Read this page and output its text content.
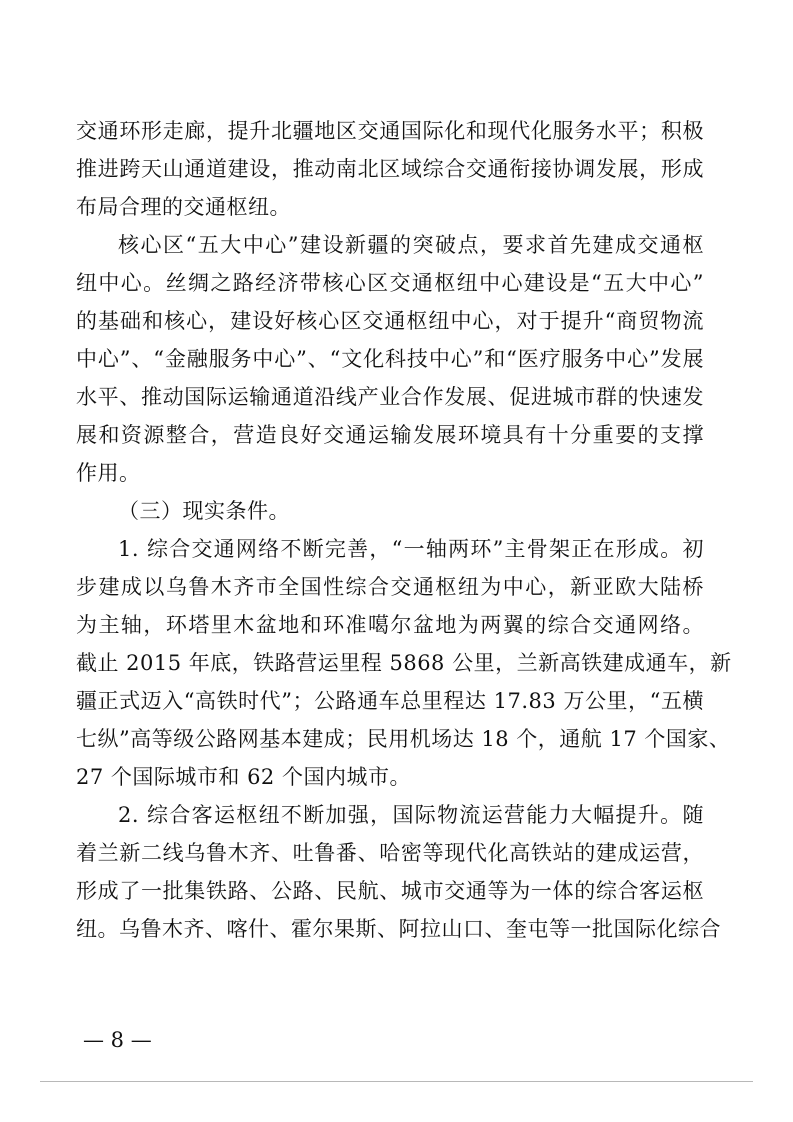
交通环形走廊，提升北疆地区交通国际化和现代化服务水平；积极
推进跨天山通道建设，推动南北区域综合交通衔接协调发展，形成
布局合理的交通枢纽。
核心区“五大中心”建设新疆的突破点，要求首先建成交通枢
纽中心。丝绸之路经济带核心区交通枢纽中心建设是“五大中心”
的基础和核心，建设好核心区交通枢纽中心，对于提升“商贸物流
中心”、“金融服务中心”、“文化科技中心”和“医疗服务中心”发展
水平、推动国际运输通道沿线产业合作发展、促进城市群的快速发
展和资源整合，营造良好交通运输发展环境具有十分重要的支撑
作用。
（三）现实条件。
1. 综合交通网络不断完善，“一轴两环”主骨架正在形成。初
步建成以乌鲁木齐市全国性综合交通枢纽为中心，新亚欧大陆桥
为主轴，环塔里木盆地和环准噶尔盆地为两翼的综合交通网络。
截止 2015 年底，铁路营运里程 5868 公里，兰新高铁建成通车，新
疆正式迈入“高铁时代”；公路通车总里程达 17.83 万公里，“五横
七纵”高等级公路网基本建成；民用机场达 18 个，通航 17 个国家、
27 个国际城市和 62 个国内城市。
2. 综合客运枢纽不断加强，国际物流运营能力大幅提升。随
着兰新二线乌鲁木齐、吐鲁番、哈密等现代化高铁站的建成运营，
形成了一批集铁路、公路、民航、城市交通等为一体的综合客运枢
纽。乌鲁木齐、喀什、霍尔果斯、阿拉山口、奎屯等一批国际化综合
— 8 —
